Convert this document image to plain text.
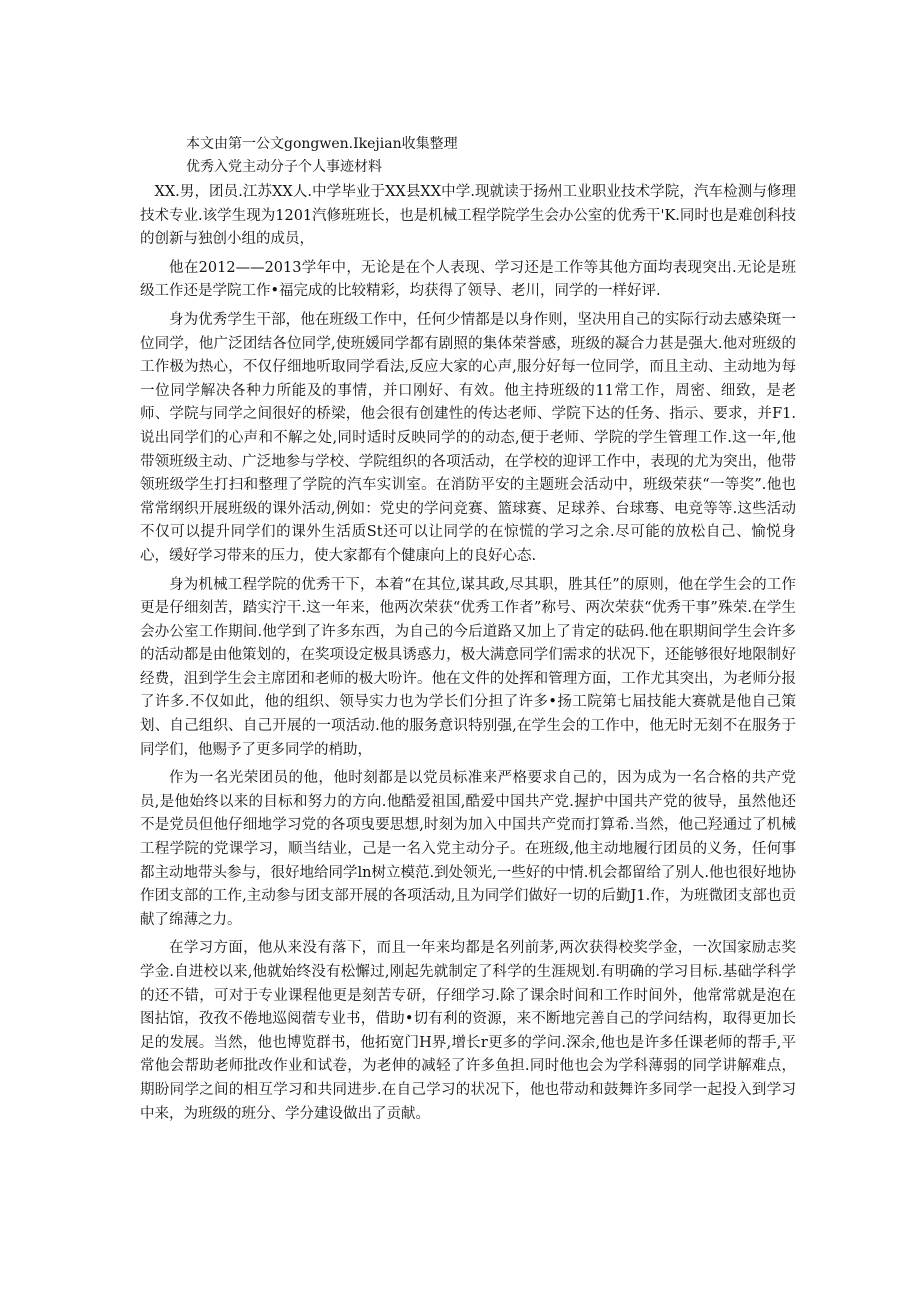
本文由第一公文gongwen.Ikejian收集整理
优秀入党主动分子个人事迹材料

XX.男，团员.江苏XX人.中学毕业于XX县XX中学.现就读于扬州工业职业技术学院，汽车检测与修理技术专业.该学生现为1201汽修班班长，也是机械工程学院学生会办公室的优秀干'K.同时也是难创科技的创新与独创小组的成员，

他在2012——2013学年中，无论是在个人表现、学习还是工作等其他方面均表现突出.无论是班级工作还是学院工作•福完成的比较精彩，均获得了领导、老川，同学的一样好评.

身为优秀学生干部，他在班级工作中，任何少情都是以身作则，坚决用自己的实际行动去感染斑一位同学，他广泛团结各位同学,使班媛同学都有剧照的集体荣誉感，班级的凝合力甚是强大.他对班级的工作极为热心，不仅仔细地听取同学看法,反应大家的心声,服分好每一位同学，而且主动、主动地为每一位同学解决各种力所能及的事情，并口刚好、有效。他主持班级的11常工作，周密、细致，是老师、学院与同学之间很好的桥梁，他会很有创建性的传达老师、学院下达的任务、指示、要求，并F1.说出同学们的心声和不解之处,同时适时反映同学的的动态,便于老师、学院的学生管理工作.这一年,他带领班级主动、广泛地参与学校、学院组织的各项活动，在学校的迎评工作中，表现的尤为突出，他带领班级学生打扫和整理了学院的汽车实训室。在消防平安的主题班会活动中，班级荣获“一等奖”.他也常常纲织开展班级的课外活动,例如：党史的学问竞赛、篮球赛、足球养、台球骞、电竞等等.这些活动不仅可以提升同学们的课外生活质St还可以让同学的在惊慌的学习之余.尽可能的放松自己、愉悦身心，缓好学习带来的压力，使大家都有个健康向上的良好心态.

身为机械工程学院的优秀干下，本着“在其位,谋其政,尽其职，胜其任”的原则，他在学生会的工作更是仔细刻苦，踏实泞干.这一年来，他两次荣获“优秀工作者”称号、两次荣获“优秀干事”殊荣.在学生会办公室工作期间.他学到了许多东西，为自己的今后道路又加上了肯定的砝码.他在职期间学生会许多的活动都是由他策划的，在奖项设定极具诱惑力，极大满意同学们需求的状况下，还能够很好地限制好经费，沮到学生会主席团和老师的极大吩许。他在文件的处挥和管理方面，工作尤其突出，为老师分报了许多.不仅如此，他的组织、领导实力也为学长们分担了许多•扬工院第七届技能大赛就是他自己策划、自己组织、自己开展的一项活动.他的服务意识特别强,在学生会的工作中，他无时无刻不在服务于同学们，他赐予了更多同学的梢助，

作为一名光荣团员的他，他时刻都是以党员标准来严格要求自己的，因为成为一名合格的共产党员,是他始终以来的目标和努力的方向.他酷爱祖国,酷爱中国共产党.握护中国共产党的彼导，虽然他还不是党员但他仔细地学习党的各项曳要思想,时刻为加入中国共产党而打算希.当然，他己羟通过了机械工程学院的党课学习，顺当结业，己是一名入党主动分子。在班级,他主动地履行团员的义务，任何事都主动地带头参与，很好地给同学ln树立模范.到处领光,一些好的中情.机会都留给了别人.他也很好地协作团支部的工作,主动参与团支部开展的各项活动,且为同学们做好一切的后勤J1.作，为班微团支部也贡献了绵薄之力。

在学习方面，他从来没有落下，而且一年来均都是名列前茅,两次获得校奖学金，一次国家励志奖学金.自进校以来,他就始终没有松懈过,刚起先就制定了科学的生涯规划.有明确的学习目标.基础学科学的还不错，可对于专业课程他更是刻苦专研，仔细学习.除了课余时间和工作时间外，他常常就是泡在图拈馆，孜孜不倦地巡阅蓿专业书，借助•切有利的资源，来不断地完善自己的学问结构，取得更加长足的发展。当然，他也博览群书，他拓宽门H界,增长r更多的学问.深余,他也是许多任课老师的帮手,平常他会帮助老师批改作业和试卷，为老伸的减轻了许多鱼担.同时他也会为学科薄弱的同学讲解难点，期盼同学之间的相互学习和共同进步.在自己学习的状况下，他也带动和鼓舞许多同学一起投入到学习中来，为班级的班分、学分建设做出了贡献。
